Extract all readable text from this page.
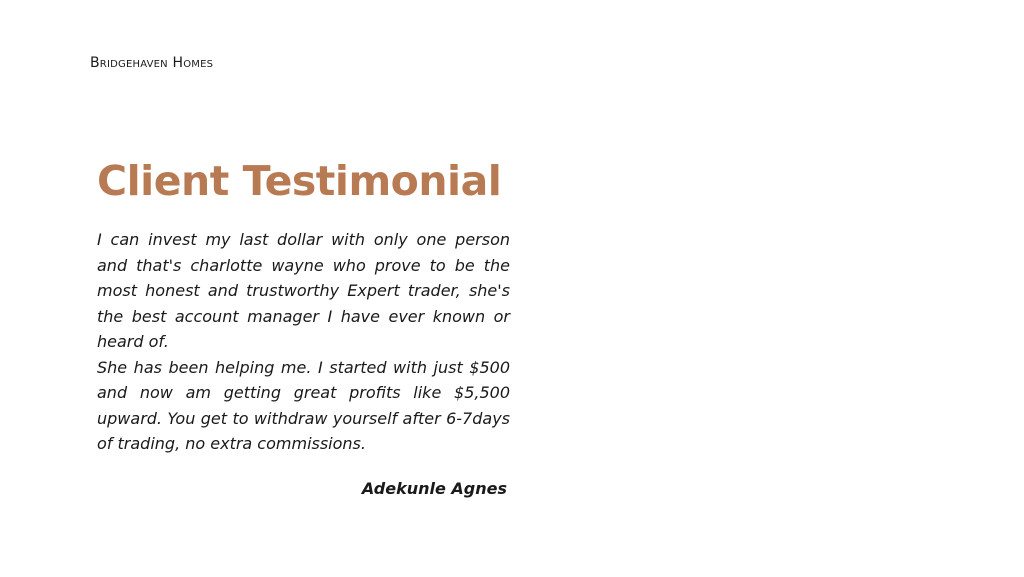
Bridgehaven Homes
Client Testimonial

I can invest my last dollar with only one person and that's charlotte wayne who prove to be the most honest and trustworthy Expert trader, she's the best account manager I have ever known or heard of.

She has been helping me. I started with just $500 and now am getting great profits like $5,500 upward. You get to withdraw yourself after 6-7days of trading, no extra commissions.

Adekunle Agnes
